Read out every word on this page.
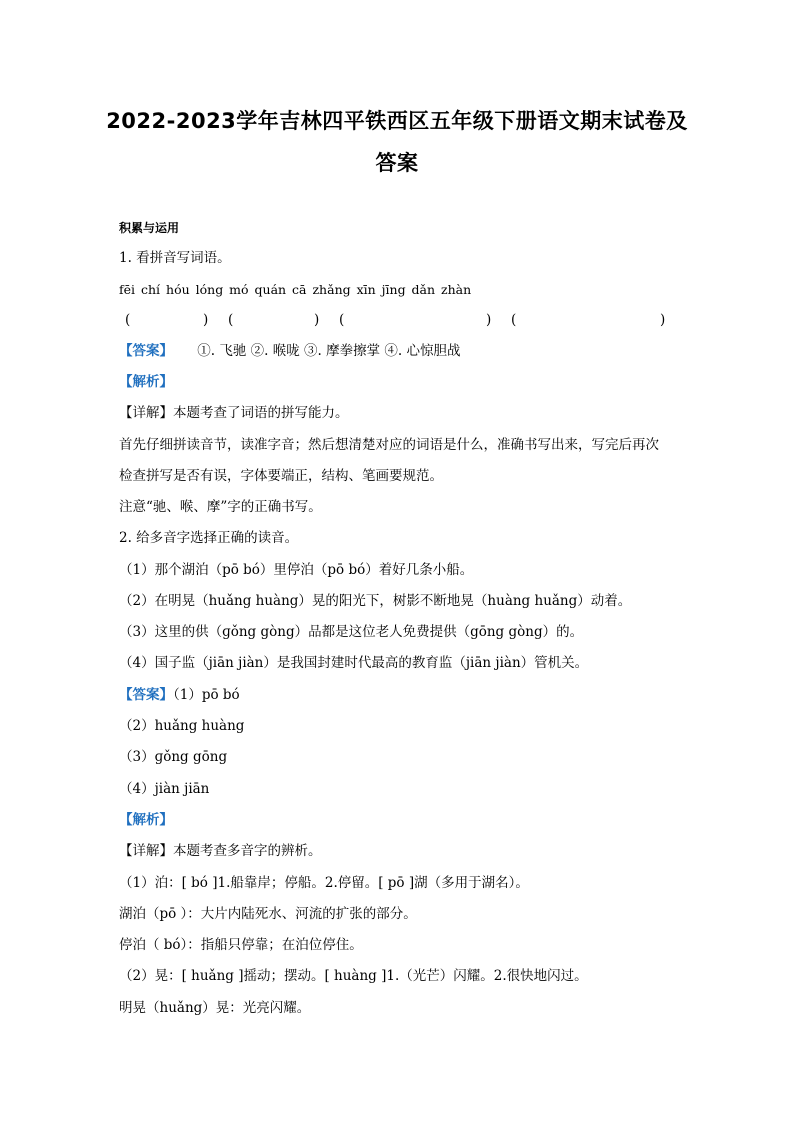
2022-2023学年吉林四平铁西区五年级下册语文期末试卷及
答案
积累与运用
1. 看拼音写词语。
fēi chí hóu lóng mó quán cā zhǎng xīn jīng dǎn zhàn
(	) (	) (	) (	)
【答案】 ①. 飞驰 ②. 喉咙 ③. 摩拳擦掌 ④. 心惊胆战
【解析】
【详解】本题考查了词语的拼写能力。
首先仔细拼读音节，读准字音；然后想清楚对应的词语是什么，准确书写出来，写完后再次
检查拼写是否有误，字体要端正，结构、笔画要规范。
注意“驰、喉、摩”字的正确书写。
2. 给多音字选择正确的读音。
（1）那个湖泊（pō bó）里停泊（pō bó）着好几条小船。
（2）在明晃（huǎng huàng）晃的阳光下，树影不断地晃（huàng huǎng）动着。
（3）这里的供（ɡǒng gòng）品都是这位老人免费提供（gōng gòng）的。
（4）国子监（jiān jiàn）是我国封建时代最高的教育监（jiān jiàn）管机关。
【答案】（1）pō bó
（2）huǎng huàng
（3）ɡǒng gōng
（4）jiàn jiān
【解析】
【详解】本题考查多音字的辨析。
（1）泊：[ bó ]1.船靠岸；停船。2.停留。[ pō ]湖（多用于湖名）。
湖泊（pō ）：大片内陆死水、河流的扩张的部分。
停泊（ bó）：指船只停靠；在泊位停住。
（2）晃：[ huǎng ]摇动；摆动。[ huàng ]1.（光芒）闪耀。2.很快地闪过。
明晃（huǎng）晃：光亮闪耀。
